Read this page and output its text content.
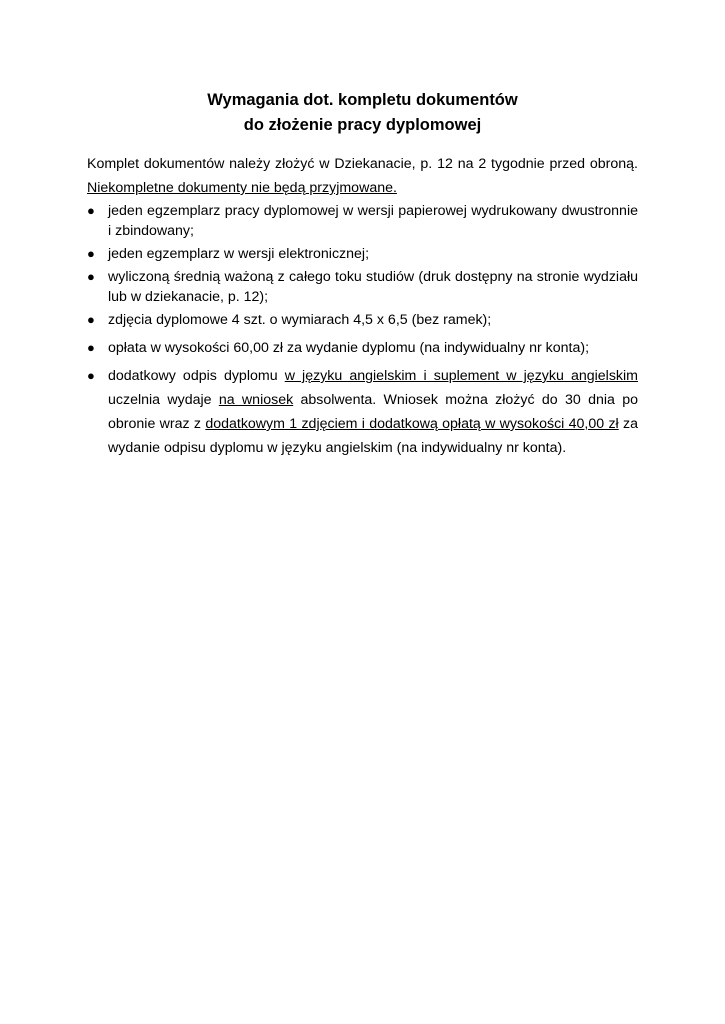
Wymagania dot. kompletu dokumentów
do złożenie pracy dyplomowej
Komplet dokumentów należy złożyć w Dziekanacie, p. 12 na 2 tygodnie przed obroną. Niekompletne dokumenty nie będą przyjmowane.
● jeden egzemplarz pracy dyplomowej w wersji papierowej wydrukowany dwustronnie i zbindowany;
● jeden egzemplarz w wersji elektronicznej;
● wyliczoną średnią ważoną z całego toku studiów (druk dostępny na stronie wydziału lub w dziekanacie, p. 12);
● zdjęcia dyplomowe 4 szt. o wymiarach 4,5 x 6,5 (bez ramek);
● opłata w wysokości 60,00 zł za wydanie dyplomu (na indywidualny nr konta);
● dodatkowy odpis dyplomu w języku angielskim i suplement w języku angielskim uczelnia wydaje na wniosek absolwenta. Wniosek można złożyć do 30 dnia po obronie wraz z dodatkowym 1 zdjęciem i dodatkową opłatą w wysokości 40,00 zł za wydanie odpisu dyplomu w języku angielskim (na indywidualny nr konta).
